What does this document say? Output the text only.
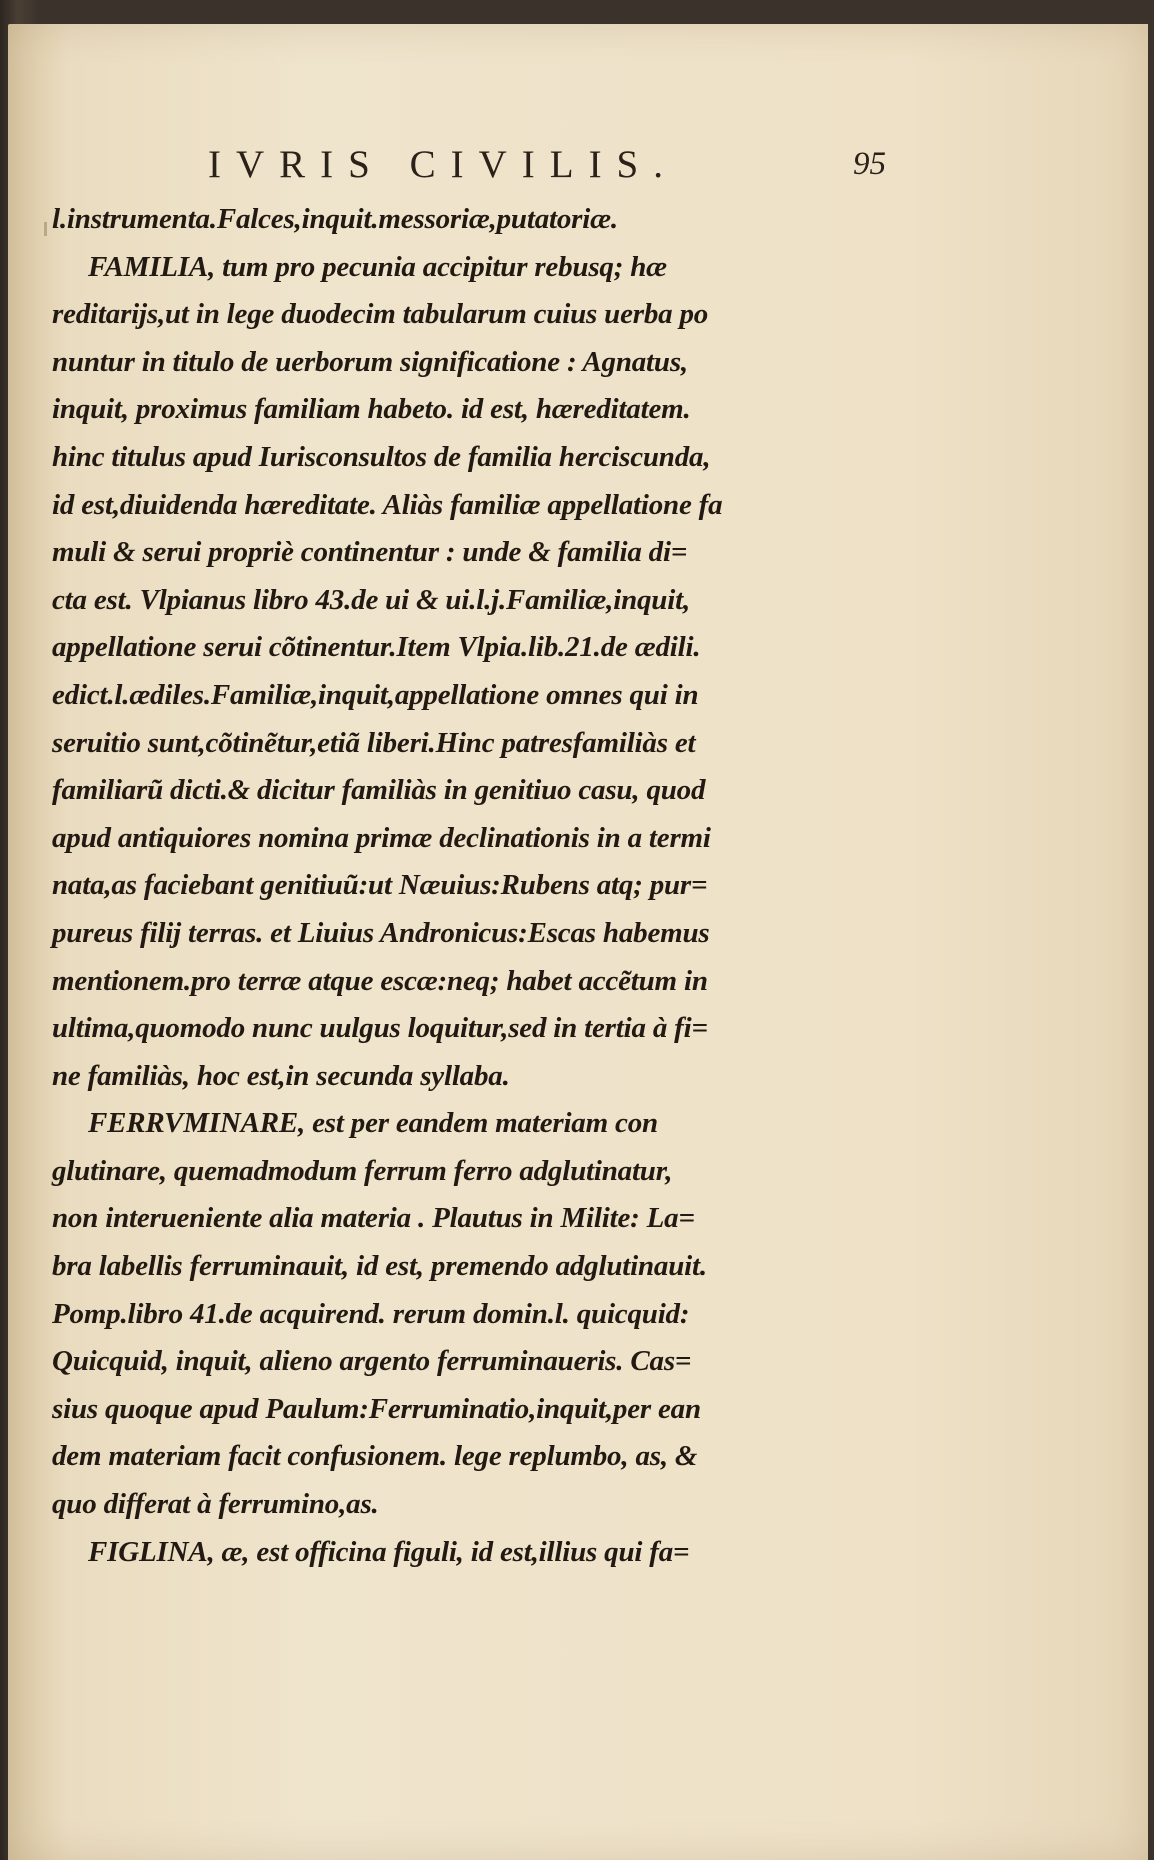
IVRIS CIVILIS.	95
l.instrumenta.Falces,inquit.messoriæ,putatoriæ.
FAMILIA, tum pro pecunia accipitur rebusq; hæ
reditarijs,ut in lege duodecim tabularum cuius uerba po
nuntur in titulo de uerborum significatione : Agnatus,
inquit, proximus familiam habeto. id est, hæreditatem.
hinc titulus apud Iurisconsultos de familia herciscunda,
id est,diuidenda hæreditate. Aliàs familiæ appellatione fa
muli & serui propriè continentur : unde & familia di=
cta est. Vlpianus libro 43.de ui & ui.l.j.Familiæ,inquit,
appellatione serui cõtinentur.Item Vlpia.lib.21.de ædili.
edict.l.ædiles.Familiæ,inquit,appellatione omnes qui in
seruitio sunt,cõtinẽtur,etiã liberi.Hinc patresfamiliàs et
familiarũ dicti.& dicitur familiàs in genitiuo casu, quod
apud antiquiores nomina primæ declinationis in a termi
nata,as faciebant genitiuũ:ut Næuius:Rubens atq; pur=
pureus filij terras. et Liuius Andronicus:Escas habemus
mentionem.pro terræ atque escæ:neq; habet accẽtum in
ultima,quomodo nunc uulgus loquitur,sed in tertia à fi=
ne familiàs, hoc est,in secunda syllaba.
FERRVMINARE, est per eandem materiam con
glutinare, quemadmodum ferrum ferro adglutinatur,
non interueniente alia materia . Plautus in Milite: La=
bra labellis ferruminauit, id est, premendo adglutinauit.
Pomp.libro 41.de acquirend. rerum domin.l. quicquid:
Quicquid, inquit, alieno argento ferruminaueris. Cas=
sius quoque apud Paulum:Ferruminatio,inquit,per ean
dem materiam facit confusionem. lege replumbo, as, &
quo differat à ferrumino,as.
FIGLINA, æ, est officina figuli, id est,illius qui fa=
